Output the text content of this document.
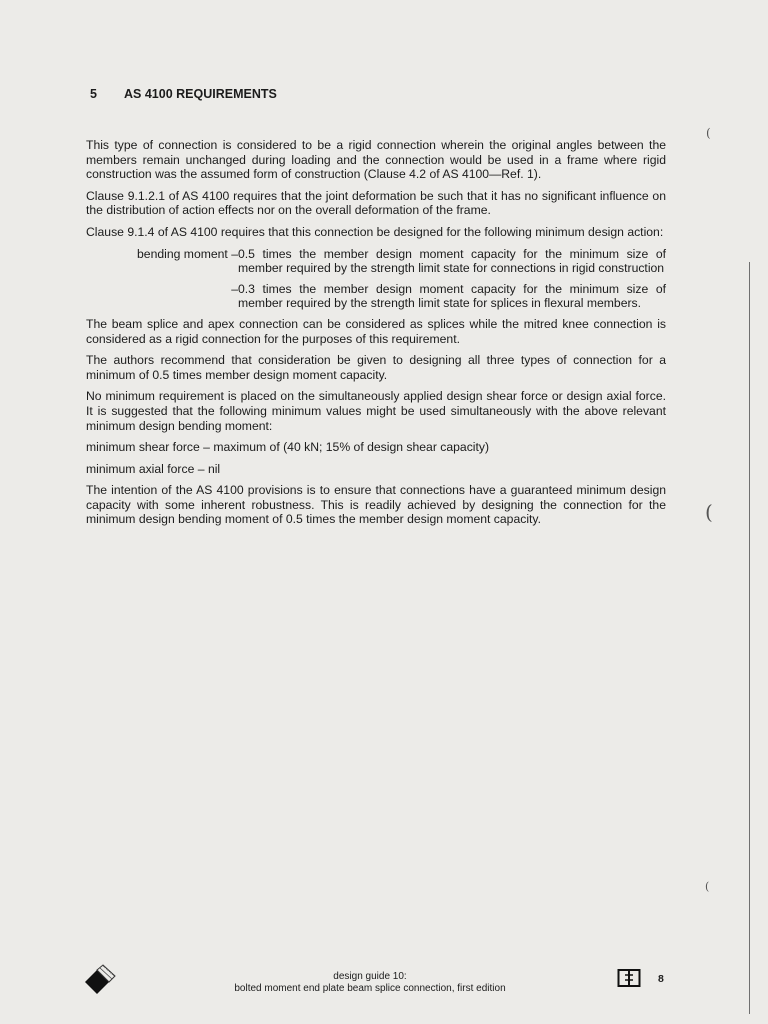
5 AS 4100 REQUIREMENTS

This type of connection is considered to be a rigid connection wherein the original angles between the members remain unchanged during loading and the connection would be used in a frame where rigid construction was the assumed form of construction (Clause 4.2 of AS 4100—Ref. 1).

Clause 9.1.2.1 of AS 4100 requires that the joint deformation be such that it has no significant influence on the distribution of action effects nor on the overall deformation of the frame.

Clause 9.1.4 of AS 4100 requires that this connection be designed for the following minimum design action:

bending moment – 0.5 times the member design moment capacity for the minimum size of member required by the strength limit state for connections in rigid construction
– 0.3 times the member design moment capacity for the minimum size of member required by the strength limit state for splices in flexural members.

The beam splice and apex connection can be considered as splices while the mitred knee connection is considered as a rigid connection for the purposes of this requirement.

The authors recommend that consideration be given to designing all three types of connection for a minimum of 0.5 times member design moment capacity.

No minimum requirement is placed on the simultaneously applied design shear force or design axial force. It is suggested that the following minimum values might be used simultaneously with the above relevant minimum design bending moment:

minimum shear force – maximum of (40 kN; 15% of design shear capacity)

minimum axial force – nil

The intention of the AS 4100 provisions is to ensure that connections have a guaranteed minimum design capacity with some inherent robustness. This is readily achieved by designing the connection for the minimum design bending moment of 0.5 times the member design moment capacity.

design guide 10:
bolted moment end plate beam splice connection, first edition
8
(
(
(
